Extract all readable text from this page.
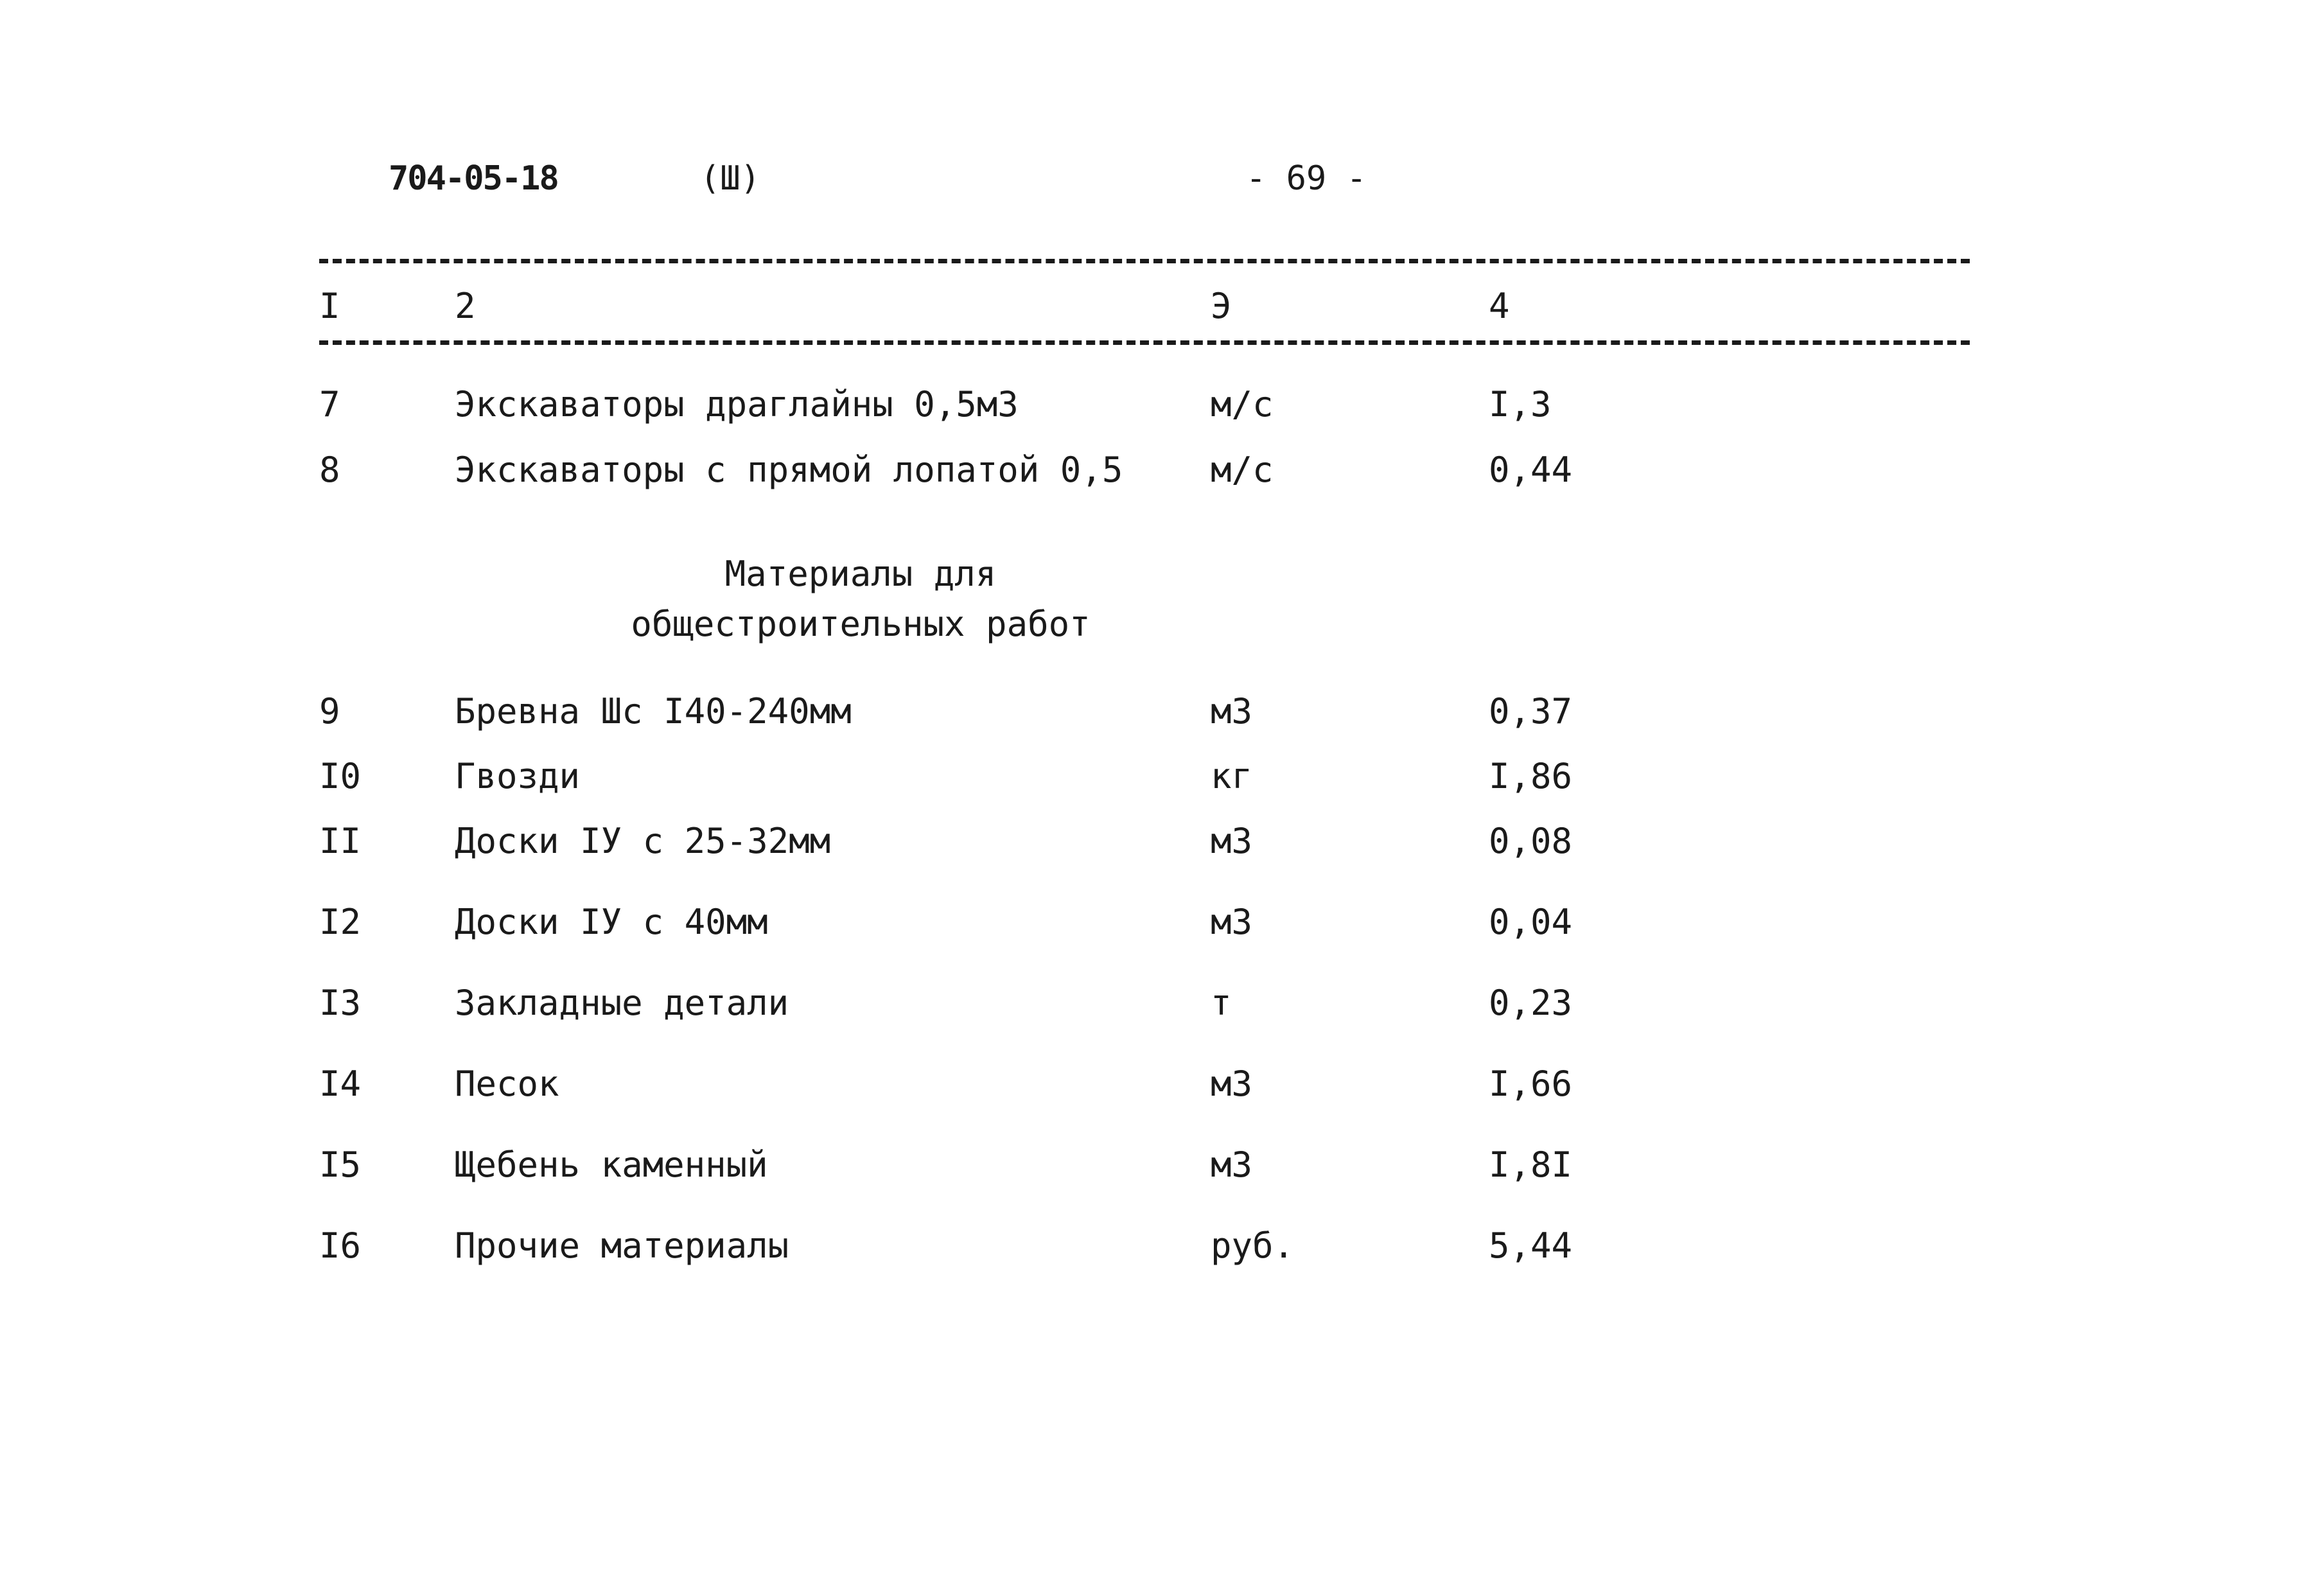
704-05-18	(Ш)	- 69 -
I	2	Э	4
7	Экскаваторы драглайны 0,5м3	м/с	I,3
8	Экскаваторы с прямой лопатой 0,5	м/с	0,44
Материалы для общестроительных работ
9	Бревна Шс I40-240мм	м3	0,37
I0	Гвозди	кг	I,86
II	Доски IУ с 25-32мм	м3	0,08
I2	Доски IУ с 40мм	м3	0,04
I3	Закладные детали	т	0,23
I4	Песок	м3	I,66
I5	Щебень каменный	м3	I,8I
I6	Прочие материалы	руб.	5,44
